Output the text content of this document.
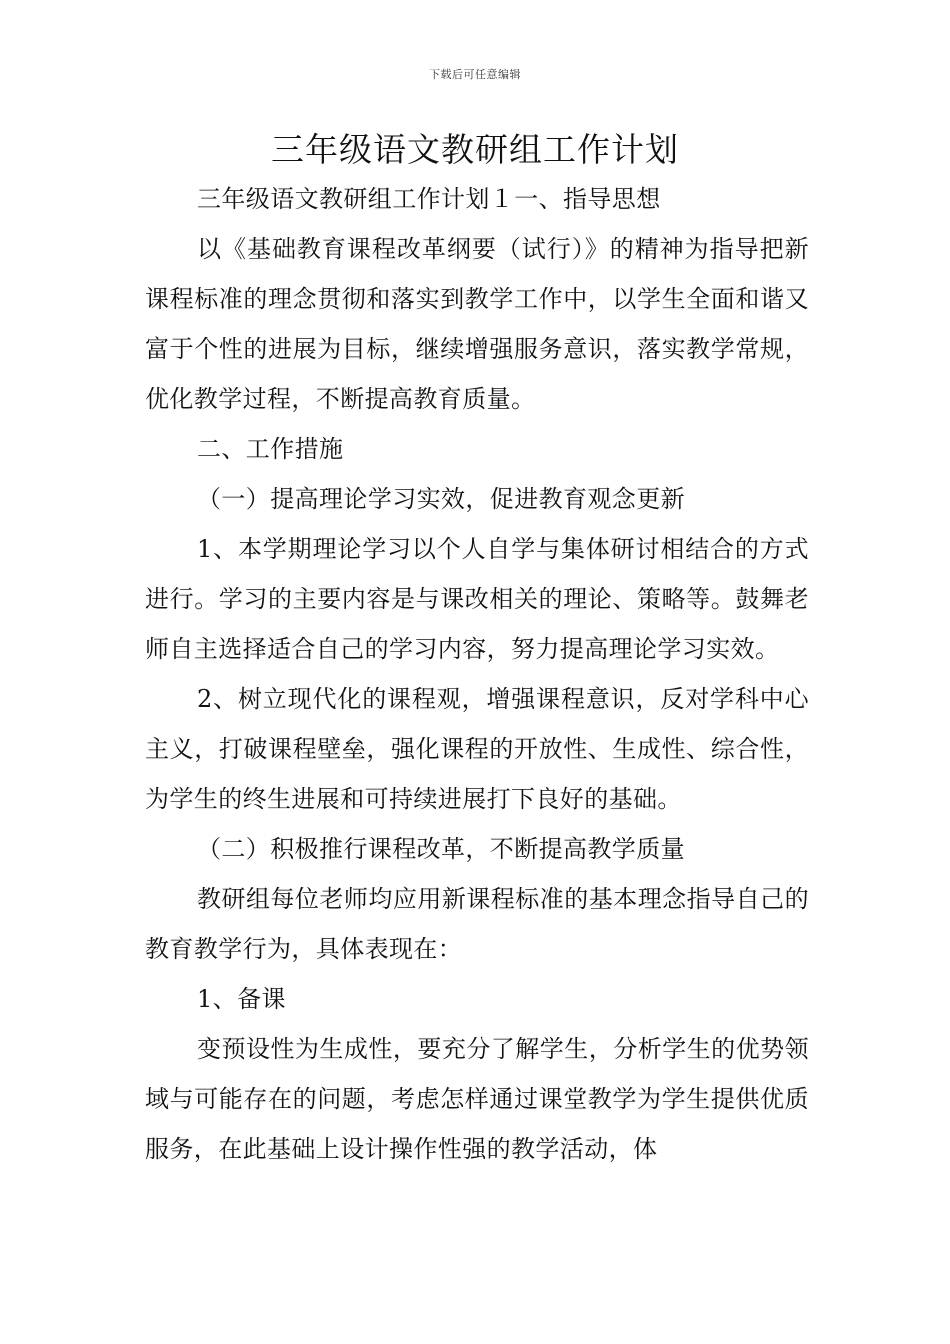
下载后可任意编辑
三年级语文教研组工作计划

三年级语文教研组工作计划１一、指导思想

以《基础教育课程改革纲要（试行）》的精神为指导把新课程标准的理念贯彻和落实到教学工作中，以学生全面和谐又富于个性的进展为目标，继续增强服务意识，落实教学常规，优化教学过程，不断提高教育质量。

二、工作措施

（一）提高理论学习实效，促进教育观念更新

1、本学期理论学习以个人自学与集体研讨相结合的方式进行。学习的主要内容是与课改相关的理论、策略等。鼓舞老师自主选择适合自己的学习内容，努力提高理论学习实效。

2、树立现代化的课程观，增强课程意识，反对学科中心主义，打破课程壁垒，强化课程的开放性、生成性、综合性，为学生的终生进展和可持续进展打下良好的基础。

（二）积极推行课程改革，不断提高教学质量

教研组每位老师均应用新课程标准的基本理念指导自己的教育教学行为，具体表现在：

1、备课

变预设性为生成性，要充分了解学生，分析学生的优势领域与可能存在的问题，考虑怎样通过课堂教学为学生提供优质服务，在此基础上设计操作性强的教学活动，体
